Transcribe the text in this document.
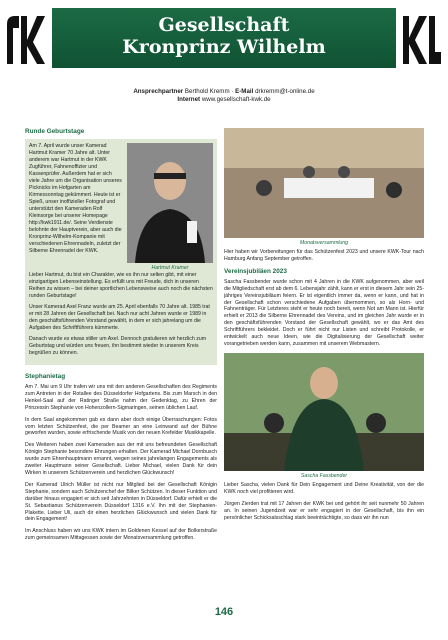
Gesellschaft
Kronprinz Wilhelm
Ansprechpartner Berthold Kremm · E-Mail drkremm@t-online.de
Internet www.gesellschaft-kwk.de
Runde Geburtstage

Am 7. April wurde unser Kamerad Hartmut Kramer 70 Jahre alt. Unter anderem war Hartmut in der KWK Zugführer, Fahnenoffizier und Kassenprüfer. Außerdem hat er sich viele Jahre um die Organisation unseres Picknicks im Hofgarten am Kirmessonntag gekümmert. Heute ist er Spieß, unser inoffizieller Fotograf und unterstützt den Kameraden Rolf Kleinsorge bei unserer Homepage http://kwk1911.de/. Seine Verdienste belohnte der Hauptverein, aber auch die Kronprinz-Wilhelm-Kompanie mit verschiedenen Ehrennadeln, zuletzt der Silberne Ehrenradel der KWK.

Hartmut Kramer

Lieber Hartmut, du bist ein Charakter, wie es ihn nur selten gibt, mit einer einzigartigen Lebenseinstellung. Es erfüllt uns mit Freude, dich in unseren Reihen zu wissen – bei deiner sportlichen Lebensweise auch noch die nächsten runden Geburtstage!

Unser Kamerad Axel Franz wurde am 25. April ebenfalls 70 Jahre alt. 1985 trat er mit 28 Jahren der Gesellschaft bei. Nach nur acht Jahren wurde er 1989 in den geschäftsführenden Vorstand gewählt, in dem er sich jahrelang um die Aufgaben des Schriftführers kümmerte.

Danach wurde es etwas stiller um Axel. Dennoch gratulieren wir herzlich zum Geburtstag und würden uns freuen, ihn bestimmt wieder in unserem Kreis begrüßen zu können.

Stephanietag
Am 7. Mai um 9 Uhr trafen wir uns mit den anderen Gesellschaften des Regiments zum Antreten in der Rotallee des Düsseldorfer Hofgartens. Bis zum Marsch in den Henkel-Saal auf der Ratinger Straße nahm der Gedenktag, zu Ehren der Prinzessin Stephanie von Hohenzollern-Sigmaringen, seinen üblichen Lauf.
In dem Saal angekommen gab es dann aber doch einige Überraschungen: Fotos vom letzten Schützenfest, die per Beamer an eine Leinwand auf der Bühne geworfen wurden, sowie erfrischende Musik von der neuen Krefelder Musikkapelle.
Des Weiteren haben zwei Kameraden aus der mit uns befreundeten Gesellschaft Königin Stephanie besondere Ehrungen erhalten. Der Kamerad Michael Dornbusch wurde zum Ehrenhauptmann ernannt, wegen seines jahrelangen Engagements als zweiter Hauptmann seiner Gesellschaft. Lieber Michael, vielen Dank für dein Wirken in unserem Schützenverein und herzlichen Glückwunsch!
Der Kamerad Ulrich Müller ist nicht nur Mitglied bei der Gesellschaft Königin Stephanie, sondern auch Schützenchef der Bilker Schützen. In dieser Funktion und darüber hinaus engagiert er sich seit Jahrzehnten in Düsseldorf. Dafür erhielt er die St. Sebastianus Schützenverein Düsseldorf 1316 e.V. Ihn mit der Stephanien-Plakette. Lieber Uli, auch dir einen herzlichen Glückwunsch und vielen Dank für dein Engagement!
Im Anschluss haben wir uns KWK intern im Goldenen Kessel auf der Bolkerstraße zum gemeinsamen Mittagessen sowie der Monatsversammlung getroffen.
Monatsversammlung
Hier haben wir Vorbereitungen für das Schützenfest 2023 und unsere KWK-Tour nach Hamburg Anfang September getroffen.
Vereinsjubiläen 2023
Sascha Fassbender wurde schon mit 4 Jahren in die KWK aufgenommen, aber weil die Mitgliedschaft erst ab dem 6. Lebensjahr zählt, kann er erst in diesem Jahr sein 25-jähriges Vereinsjubiläum feiern. Er ist eigentlich immer da, wenn er kann, und hat in der Gesellschaft schon verschiedene Aufgaben übernommen, so als Horn- und Fahnenträger. Für Letzteres steht er heute noch bereit, wenn Not am Mann ist. Hierfür erhielt er 2013 die Silberne Ehrennadel des Vereins, und im gleichen Jahr wurde er in den geschäftsführenden Vorstand der Gesellschaft gewählt, wo er das Amt des Schriftführers bekleidet. Doch er führt nicht nur Listen und schreibt Protokolle, er entwickelt auch neue Ideen, wie die Digitalisierung der Gesellschaft weiter vorangetrieben werden kann, zusammen mit unserem Webmastern.
Sascha Fassbender
Lieber Sascha, vielen Dank für Dein Engagement und Deine Kreativität, von der die KWK noch viel profitieren wird.
Jürgen Zierden trat mit 17 Jahren der KWK bei und gehört ihr seit nunmehr 50 Jahren an. In seinen Jugendzeit war er sehr engagiert in der Gesellschaft, bis ihn ein persönlicher Schicksalsschlag stark beeinträchtigte, so dass wir ihn nun
146
